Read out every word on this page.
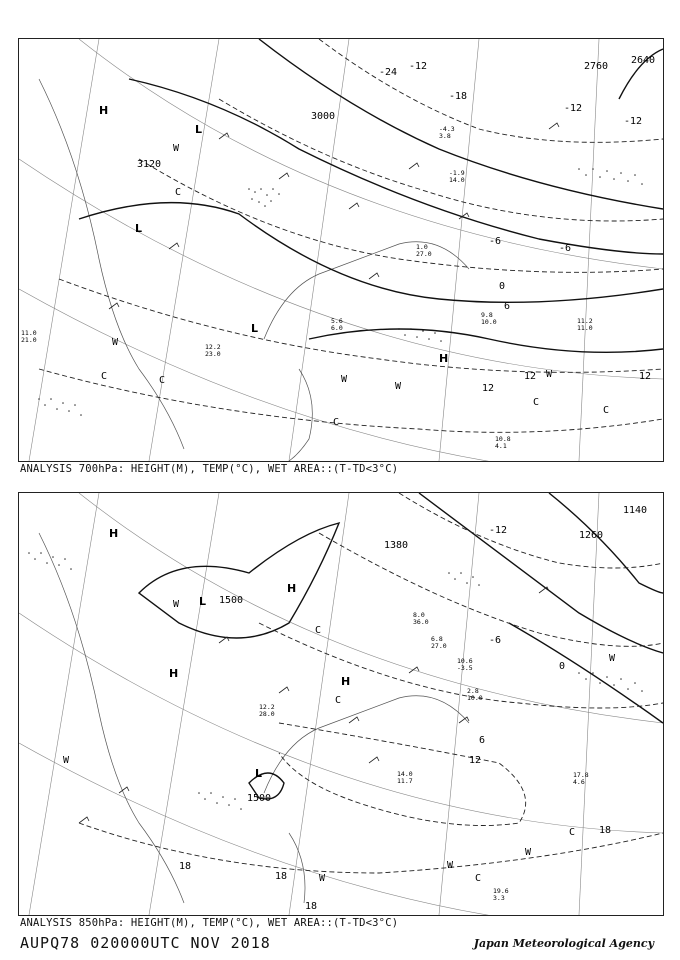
3000
3120
2760
2640
-24
-18
-12
-12
-6
-6
0
6
12
12	12
-12
H
H
L
L
L
W
W
W
W
W
C
C	C
C
C
C
-4.3
3.8
11.0
21.0
10.8
4.1
11.2
11.0
9.8
10.0
1.0
27.0
12.2
23.0
5.6
6.0
-1.9
14.0
ANALYSIS 700hPa: HEIGHT(M), TEMP(°C), WET AREA::(T-TD<3°C)
1500
1500
1380
1260
1140
18
18
18
18
12
6
0
-6
-12
H
H
H
H
L
L
W
W
W
W
W
W
C
C
C
C
17.8
4.6
19.6
3.3
14.0
11.7
2.8
10.0
6.8
27.0
12.2
28.0
8.0
36.0
10.6
-3.5
ANALYSIS 850hPa: HEIGHT(M), TEMP(°C), WET AREA::(T-TD<3°C)
AUPQ78 020000UTC NOV 2018	Japan Meteorological Agency
